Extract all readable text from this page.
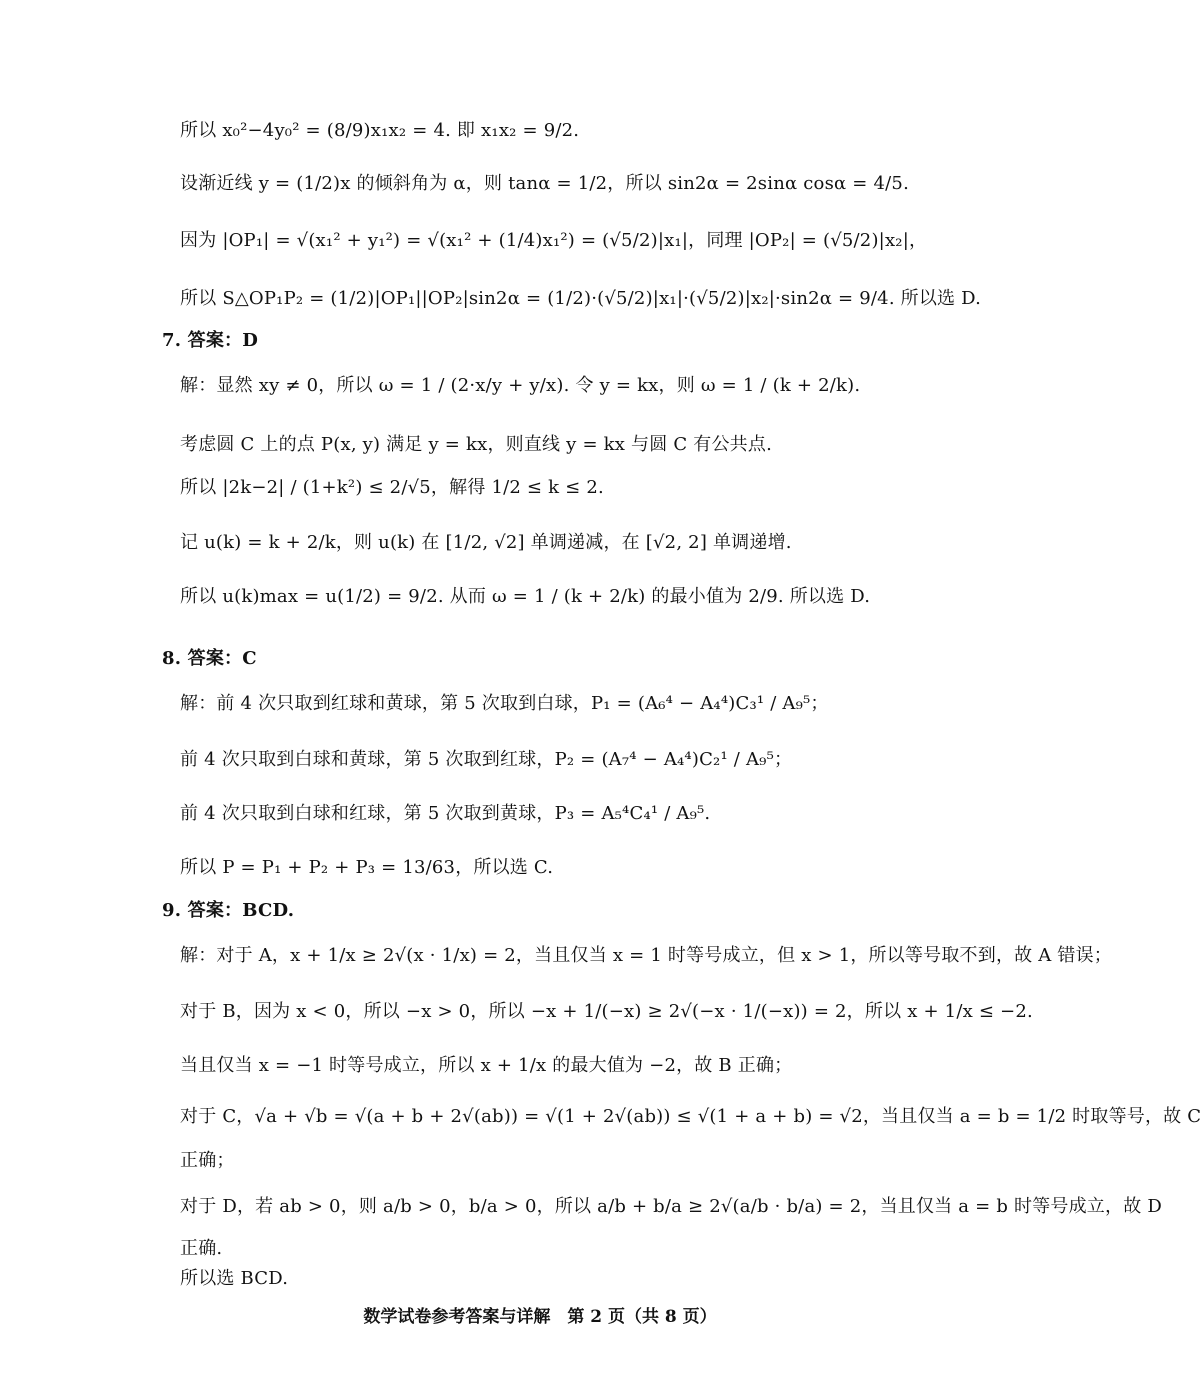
所以 x₀²−4y₀² = (8/9)x₁x₂ = 4. 即 x₁x₂ = 9/2.
设渐近线 y = (1/2)x 的倾斜角为 α，则 tanα = 1/2，所以 sin2α = 2sinα cosα = 4/5.
因为 |OP₁| = √(x₁² + y₁²) = √(x₁² + (1/4)x₁²) = (√5/2)|x₁|，同理 |OP₂| = (√5/2)|x₂|，
所以 S△OP₁P₂ = (1/2)|OP₁||OP₂|sin2α = (1/2)·(√5/2)|x₁|·(√5/2)|x₂|·sin2α = 9/4. 所以选 D.
7. 答案：D
解：显然 xy ≠ 0，所以 ω = 1 / (2·x/y + y/x). 令 y = kx，则 ω = 1 / (k + 2/k).
考虑圆 C 上的点 P(x, y) 满足 y = kx，则直线 y = kx 与圆 C 有公共点.
所以 |2k−2| / (1+k²) ≤ 2/√5，解得 1/2 ≤ k ≤ 2.
记 u(k) = k + 2/k，则 u(k) 在 [1/2, √2] 单调递减，在 [√2, 2] 单调递增.
所以 u(k)max = u(1/2) = 9/2. 从而 ω = 1 / (k + 2/k) 的最小值为 2/9. 所以选 D.
8. 答案：C
解：前 4 次只取到红球和黄球，第 5 次取到白球，P₁ = (A₆⁴ − A₄⁴)C₃¹ / A₉⁵；
前 4 次只取到白球和黄球，第 5 次取到红球，P₂ = (A₇⁴ − A₄⁴)C₂¹ / A₉⁵；
前 4 次只取到白球和红球，第 5 次取到黄球，P₃ = A₅⁴C₄¹ / A₉⁵.
所以 P = P₁ + P₂ + P₃ = 13/63，所以选 C.
9. 答案：BCD.
解：对于 A，x + 1/x ≥ 2√(x · 1/x) = 2，当且仅当 x = 1 时等号成立，但 x > 1，所以等号取不到，故 A 错误；
对于 B，因为 x < 0，所以 −x > 0，所以 −x + 1/(−x) ≥ 2√(−x · 1/(−x)) = 2，所以 x + 1/x ≤ −2.
当且仅当 x = −1 时等号成立，所以 x + 1/x 的最大值为 −2，故 B 正确；
对于 C，√a + √b = √(a + b + 2√(ab)) = √(1 + 2√(ab)) ≤ √(1 + a + b) = √2，当且仅当 a = b = 1/2 时取等号，故 C
正确；
对于 D，若 ab > 0，则 a/b > 0，b/a > 0，所以 a/b + b/a ≥ 2√(a/b · b/a) = 2，当且仅当 a = b 时等号成立，故 D
正确.
所以选 BCD.
数学试卷参考答案与详解　第 2 页（共 8 页）
